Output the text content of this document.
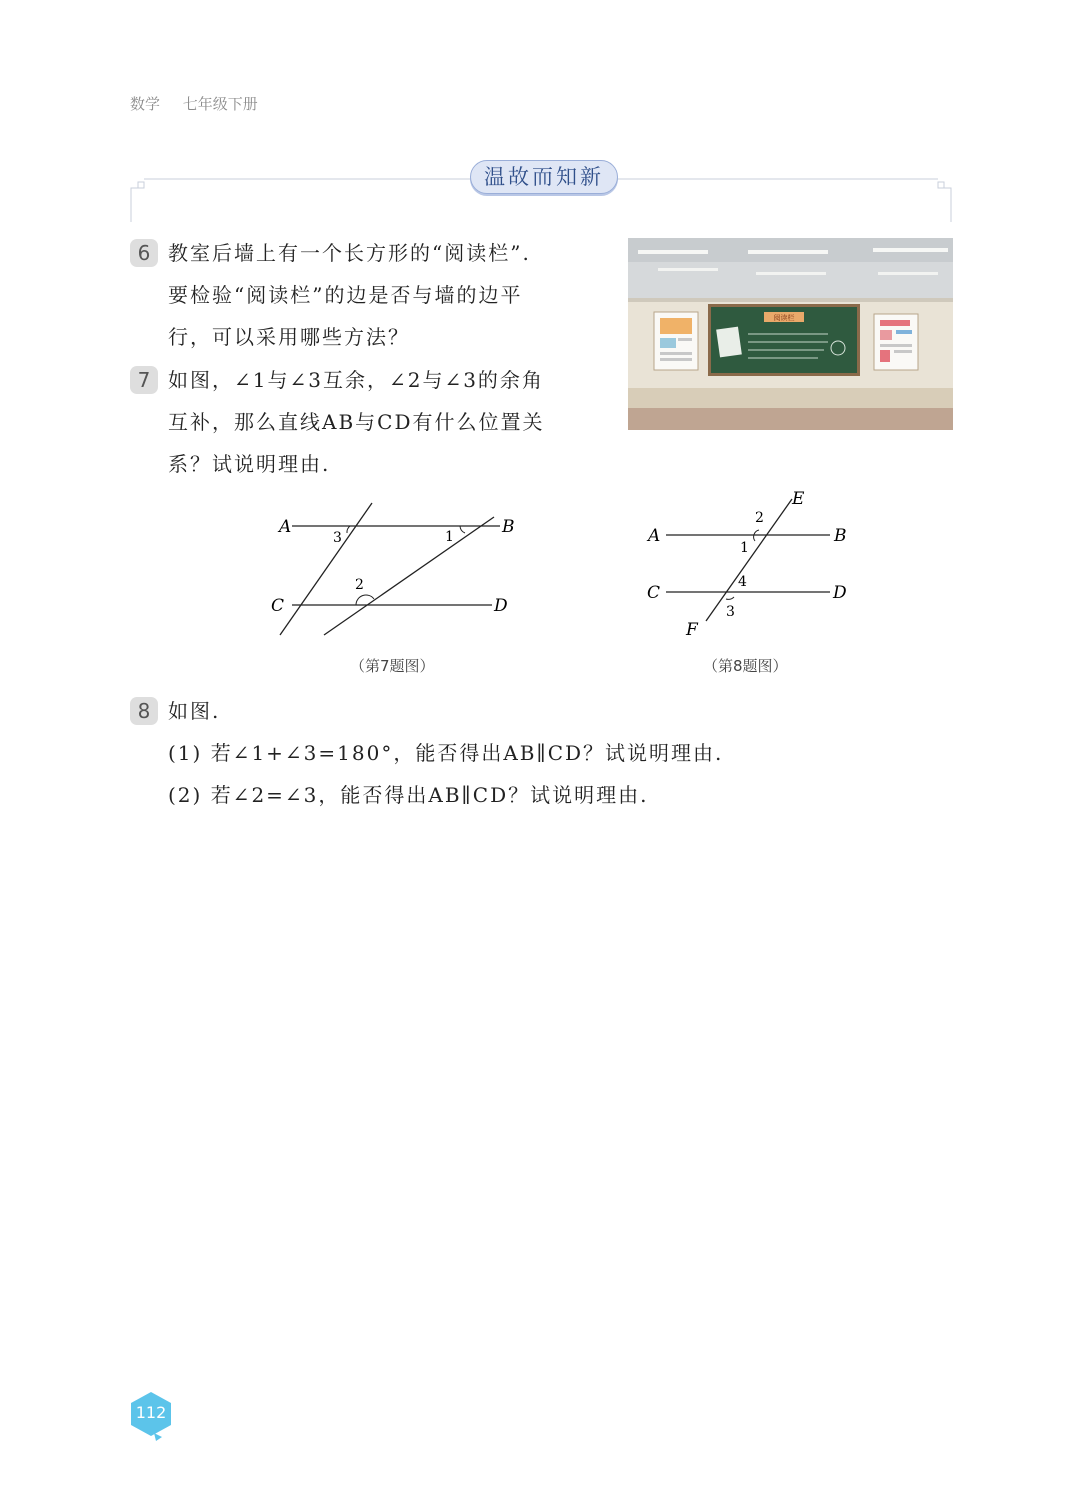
数学 七年级下册
温故而知新
6 教室后墙上有一个长方形的“阅读栏”.
要检验“阅读栏”的边是否与墙的边平
行，可以采用哪些方法？
阅读栏
7 如图，∠1与∠3互余，∠2与∠3的余角
互补，那么直线AB与CD有什么位置关
系？试说明理由.
A	B
C	D
3	1
2
（第7题图）
A	B
C	D
E
F
2
1
4
3
（第8题图）
8 如图.
(1) 若∠1+∠3=180°，能否得出AB∥CD？试说明理由.
(2) 若∠2=∠3，能否得出AB∥CD？试说明理由.
112
